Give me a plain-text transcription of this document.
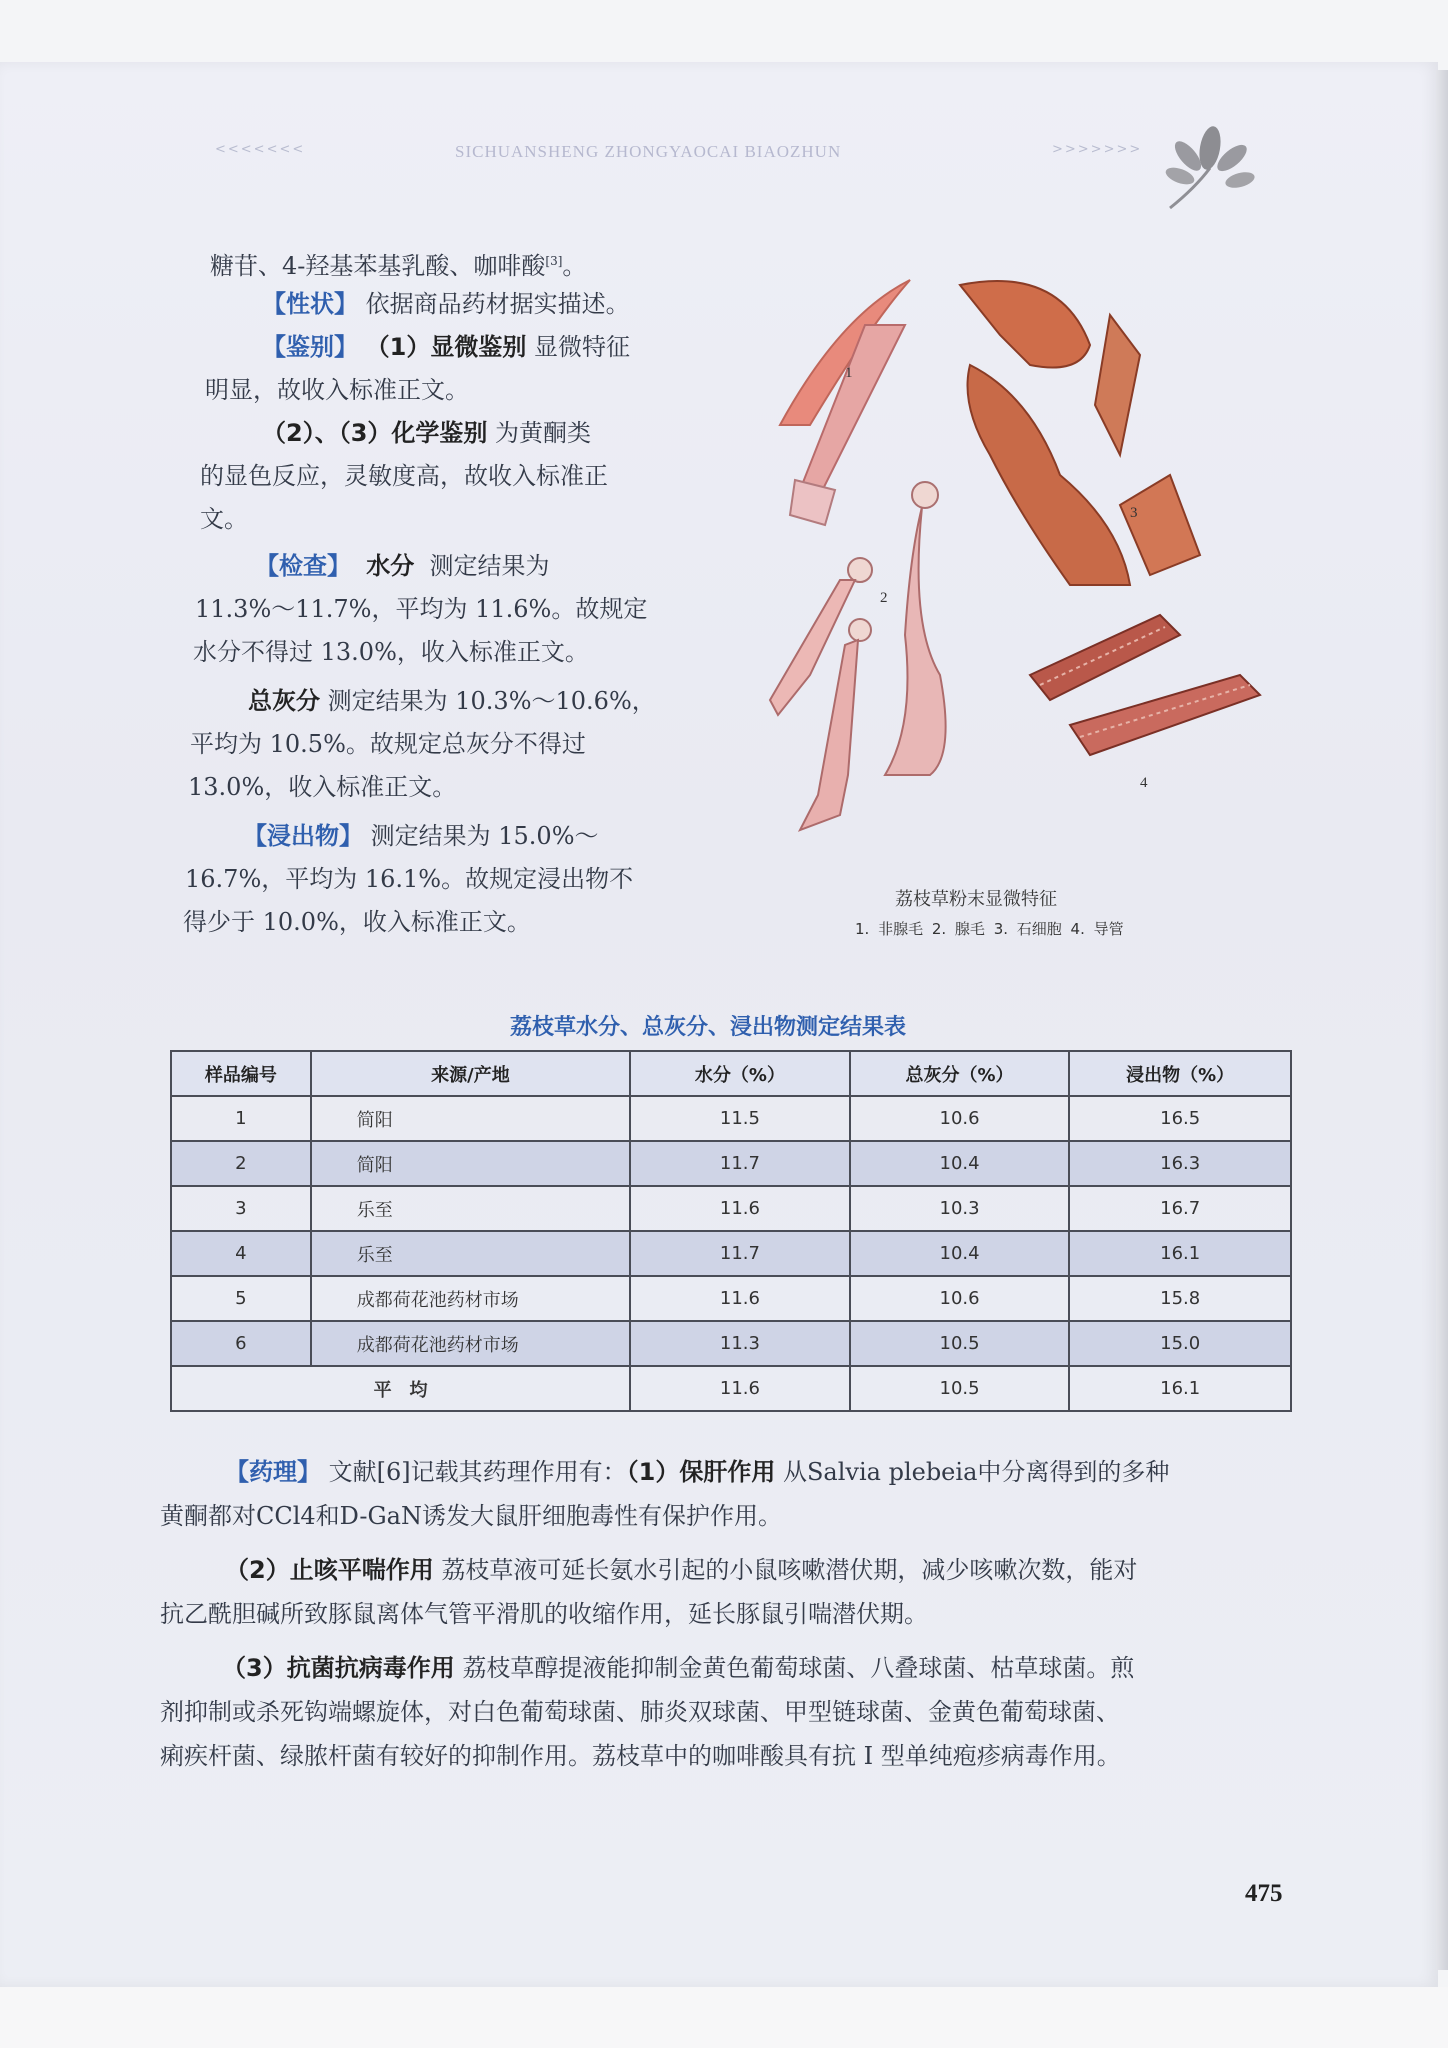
<<<<<<<	SICHUANSHENG ZHONGYAOCAI BIAOZHUN	>>>>>>>
糖苷、4-羟基苯基乳酸、咖啡酸[3]。
【性状】 依据商品药材据实描述。
【鉴别】 （1）显微鉴别 显微特征
明显，故收入标准正文。
（2）、（3）化学鉴别 为黄酮类
的显色反应，灵敏度高，故收入标准正
文。
【检查】 水分 测定结果为
11.3%～11.7%，平均为 11.6%。故规定
水分不得过 13.0%，收入标准正文。
总灰分 测定结果为 10.3%～10.6%，
平均为 10.5%。故规定总灰分不得过
13.0%，收入标准正文。
【浸出物】 测定结果为 15.0%～
16.7%，平均为 16.1%。故规定浸出物不
得少于 10.0%，收入标准正文。
1
2
3
4
荔枝草粉末显微特征
1. 非腺毛 2. 腺毛 3. 石细胞 4. 导管
荔枝草水分、总灰分、浸出物测定结果表
样品编号	来源/产地	水分（%）	总灰分（%）	浸出物（%）
1	简阳	11.5	10.6	16.5
2	简阳	11.7	10.4	16.3
3	乐至	11.6	10.3	16.7
4	乐至	11.7	10.4	16.1
5	成都荷花池药材市场	11.6	10.6	15.8
6	成都荷花池药材市场	11.3	10.5	15.0
平　均		11.6	10.5	16.1
【药理】 文献[6]记载其药理作用有：（1）保肝作用 从Salvia plebeia中分离得到的多种
黄酮都对CCl4和D-GaN诱发大鼠肝细胞毒性有保护作用。
（2）止咳平喘作用 荔枝草液可延长氨水引起的小鼠咳嗽潜伏期，减少咳嗽次数，能对
抗乙酰胆碱所致豚鼠离体气管平滑肌的收缩作用，延长豚鼠引喘潜伏期。
（3）抗菌抗病毒作用 荔枝草醇提液能抑制金黄色葡萄球菌、八叠球菌、枯草球菌。煎
剂抑制或杀死钩端螺旋体，对白色葡萄球菌、肺炎双球菌、甲型链球菌、金黄色葡萄球菌、
痢疾杆菌、绿脓杆菌有较好的抑制作用。荔枝草中的咖啡酸具有抗 I 型单纯疱疹病毒作用。
475
